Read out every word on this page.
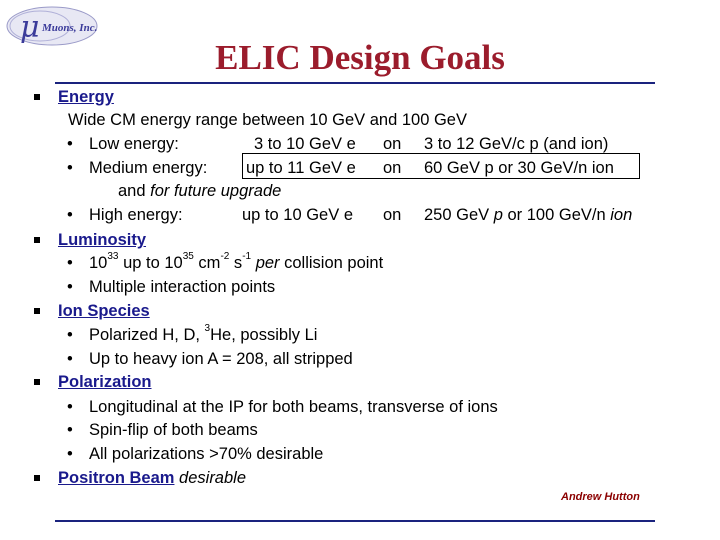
μ Muons, Inc.
ELIC Design Goals
Energy
Wide CM energy range between 10 GeV and 100 GeV
• Low energy:	3 to 10 GeV e on 3 to 12 GeV/c p (and ion)
• Medium energy: up to 11 GeV e on 60 GeV p or 30 GeV/n ion
and for future upgrade
• High energy:	up to 10 GeV e on 250 GeV p or 100 GeV/n ion
Luminosity
• $10^{33}$ up to $10^{35}$ $cm^{-2}$ $s^{-1}$ per collision point
• Multiple interaction points
Ion Species
• Polarized H, D, $^3$He, possibly Li
• Up to heavy ion A = 208, all stripped
Polarization
• Longitudinal at the IP for both beams, transverse of ions
• Spin-flip of both beams
• All polarizations >70% desirable
Positron Beam desirable
Andrew Hutton
